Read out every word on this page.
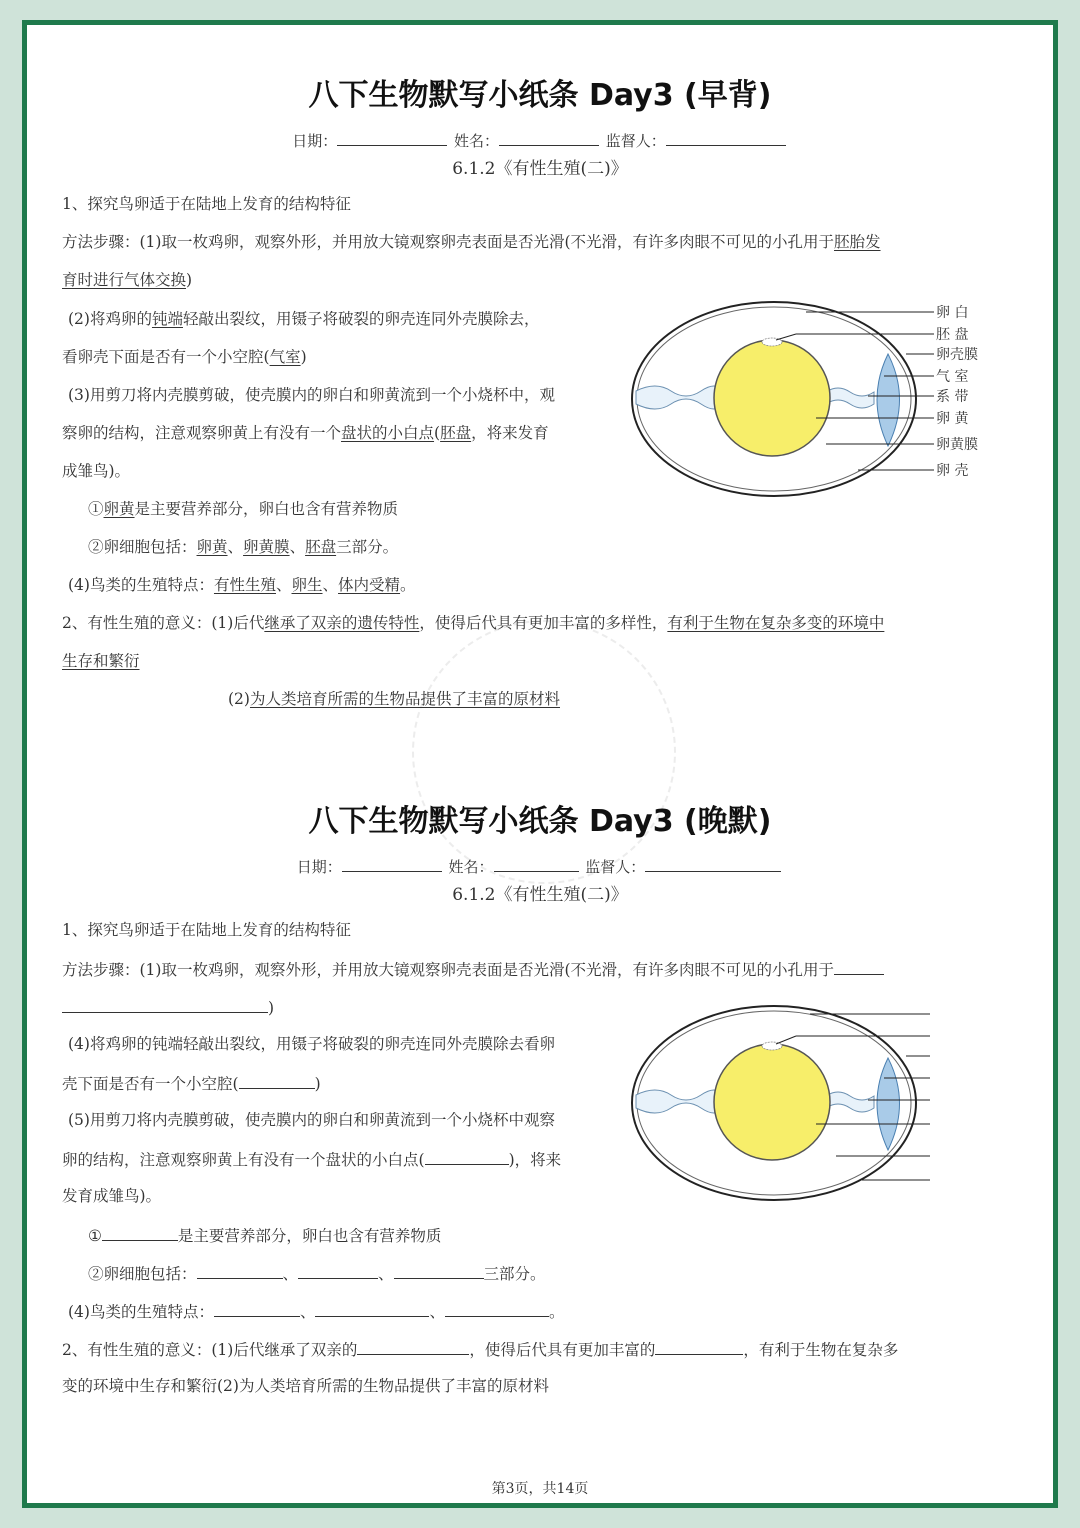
八下生物默写小纸条 Day3 (早背)
日期：	姓名：	监督人：
6.1.2《有性生殖(二)》
1、探究鸟卵适于在陆地上发育的结构特征
方法步骤：(1)取一枚鸡卵，观察外形，并用放大镜观察卵壳表面是否光滑(不光滑，有许多肉眼不可见的小孔用于胚胎发
育时进行气体交换)
(2)将鸡卵的钝端轻敲出裂纹，用镊子将破裂的卵壳连同外壳膜除去，
看卵壳下面是否有一个小空腔(气室)
(3)用剪刀将内壳膜剪破，使壳膜内的卵白和卵黄流到一个小烧杯中，观
察卵的结构，注意观察卵黄上有没有一个盘状的小白点(胚盘，将来发育
成雏鸟)。
①卵黄是主要营养部分，卵白也含有营养物质
②卵细胞包括：卵黄、卵黄膜、胚盘三部分。
(4)鸟类的生殖特点：有性生殖、卵生、体内受精。
2、有性生殖的意义：(1)后代继承了双亲的遗传特性，使得后代具有更加丰富的多样性，有利于生物在复杂多变的环境中
生存和繁衍
(2)为人类培育所需的生物品提供了丰富的原材料
卵 白
胚 盘
卵壳膜
气 室
系 带
卵 黄
卵黄膜
卵 壳
八下生物默写小纸条 Day3 (晚默)
日期：	姓名：	监督人：
6.1.2《有性生殖(二)》
1、探究鸟卵适于在陆地上发育的结构特征
方法步骤：(1)取一枚鸡卵，观察外形，并用放大镜观察卵壳表面是否光滑(不光滑，有许多肉眼不可见的小孔用于
)
(4)将鸡卵的钝端轻敲出裂纹，用镊子将破裂的卵壳连同外壳膜除去看卵
壳下面是否有一个小空腔(	)
(5)用剪刀将内壳膜剪破，使壳膜内的卵白和卵黄流到一个小烧杯中观察
卵的结构，注意观察卵黄上有没有一个盘状的小白点(	)，将来
发育成雏鸟)。
①	是主要营养部分，卵白也含有营养物质
②卵细胞包括：	、	、	三部分。
(4)鸟类的生殖特点：	、	、	。
2、有性生殖的意义：(1)后代继承了双亲的	，使得后代具有更加丰富的	，有利于生物在复杂多
变的环境中生存和繁衍(2)为人类培育所需的生物品提供了丰富的原材料
第3页，共14页
